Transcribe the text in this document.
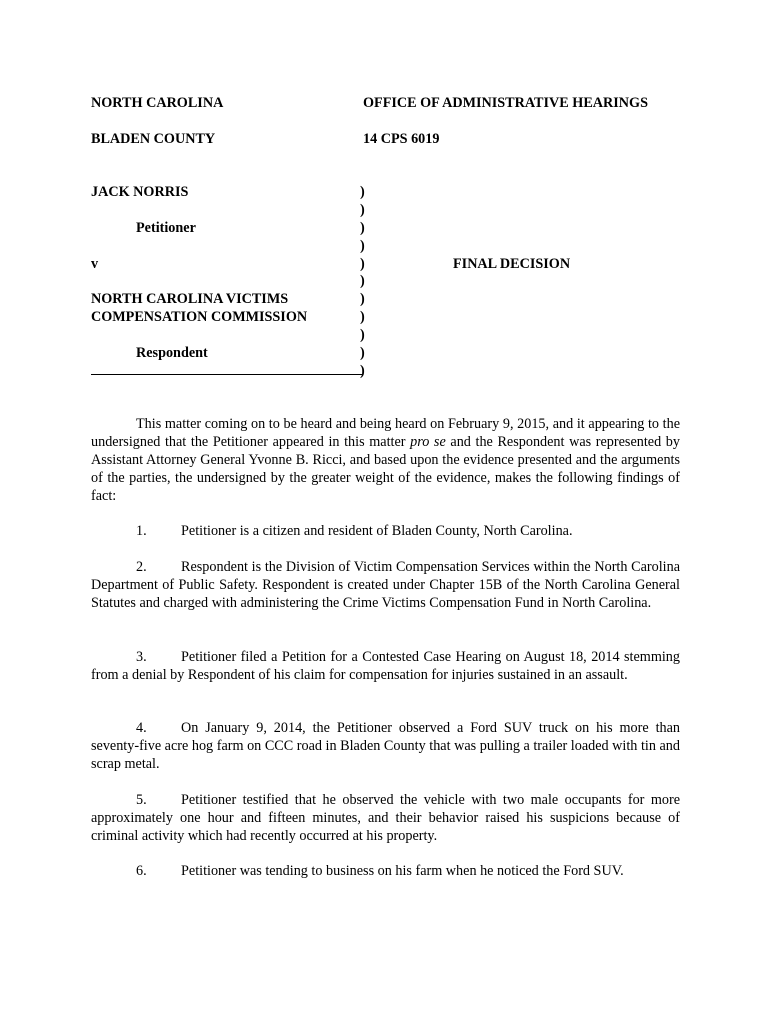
NORTH CAROLINA	OFFICE OF ADMINISTRATIVE HEARINGS
BLADEN COUNTY	14 CPS 6019
JACK NORRIS
Petitioner
v
NORTH CAROLINA VICTIMS
COMPENSATION COMMISSION
Respondent
)
)
)
)
)
)
)
)
)
)
)
FINAL DECISION

This matter coming on to be heard and being heard on February 9, 2015, and it appearing to the undersigned that the Petitioner appeared in this matter pro se and the Respondent was represented by Assistant Attorney General Yvonne B. Ricci, and based upon the evidence presented and the arguments of the parties, the undersigned by the greater weight of the evidence, makes the following findings of fact:

1. Petitioner is a citizen and resident of Bladen County, North Carolina.

2. Respondent is the Division of Victim Compensation Services within the North Carolina Department of Public Safety. Respondent is created under Chapter 15B of the North Carolina General Statutes and charged with administering the Crime Victims Compensation Fund in North Carolina.

3. Petitioner filed a Petition for a Contested Case Hearing on August 18, 2014 stemming from a denial by Respondent of his claim for compensation for injuries sustained in an assault.

4. On January 9, 2014, the Petitioner observed a Ford SUV truck on his more than seventy-five acre hog farm on CCC road in Bladen County that was pulling a trailer loaded with tin and scrap metal.

5. Petitioner testified that he observed the vehicle with two male occupants for more approximately one hour and fifteen minutes, and their behavior raised his suspicions because of criminal activity which had recently occurred at his property.

6. Petitioner was tending to business on his farm when he noticed the Ford SUV.
